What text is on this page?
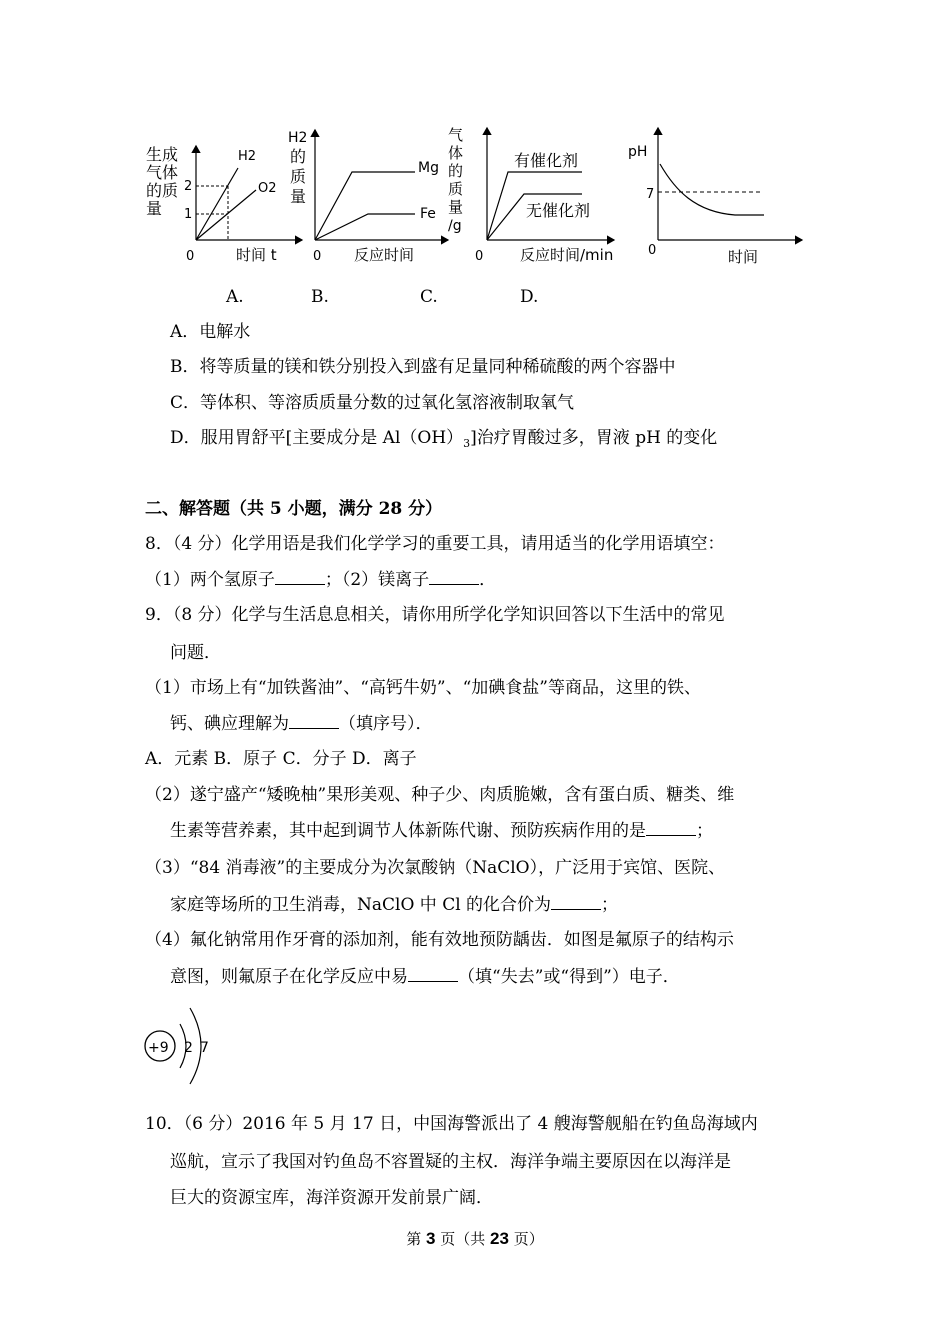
生成
气体
的质
量
0	时间 t
2
1
H2
O2
H2
的
质
量
0 反应时间
Mg
Fe
气
体
的
质
量
/g
0 反应时间/min
有催化剂
无催化剂
pH
0	时间
7
A.	B.	C.	D.
A．电解水
B．将等质量的镁和铁分别投入到盛有足量同种稀硫酸的两个容器中
C．等体积、等溶质质量分数的过氧化氢溶液制取氧气
D．服用胃舒平[主要成分是 $Al(OH)_3$]治疗胃酸过多，胃液 pH 的变化
二、解答题（共 5 小题，满分 28 分）
8．（4 分）化学用语是我们化学学习的重要工具，请用适当的化学用语填空：
（1）两个氢原子	；（2）镁离子	．
9．（8 分）化学与生活息息相关，请你用所学化学知识回答以下生活中的常见
问题．
（1）市场上有“加铁酱油”、“高钙牛奶”、“加碘食盐”等商品，这里的铁、
钙、碘应理解为	（填序号）．
A．元素 B．原子 C．分子 D．离子
（2）遂宁盛产“矮晚柚”果形美观、种子少、肉质脆嫩，含有蛋白质、糖类、维
生素等营养素，其中起到调节人体新陈代谢、预防疾病作用的是	；
（3）“84 消毒液”的主要成分为次氯酸钠（NaClO），广泛用于宾馆、医院、
家庭等场所的卫生消毒，NaClO 中 Cl 的化合价为	；
（4）氟化钠常用作牙膏的添加剂，能有效地预防龋齿．如图是氟原子的结构示
意图，则氟原子在化学反应中易	（填“失去”或“得到”）电子．
+9 2 7
10．（6 分）2016 年 5 月 17 日，中国海警派出了 4 艘海警舰船在钓鱼岛海域内
巡航，宣示了我国对钓鱼岛不容置疑的主权．海洋争端主要原因在以海洋是
巨大的资源宝库，海洋资源开发前景广阔．
第 3 页（共 23 页）
